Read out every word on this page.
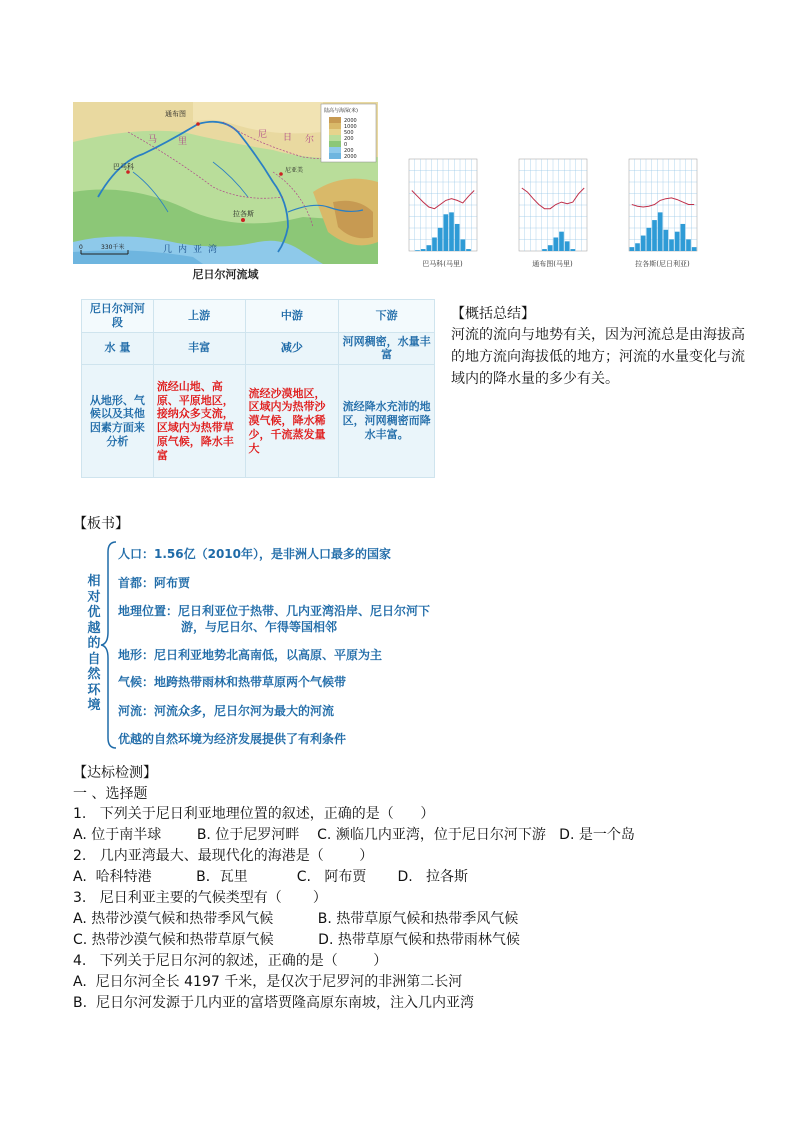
通布图
巴马科
马 里
尼 日 尔
尼亚美
拉各斯
几内亚湾
0	330千米
陆高与海深(米)
2000
1000
500
200
0
200
2000
尼日尔河流域
巴马科(马里)	通布图(马里)	拉各斯(尼日利亚)
尼日尔河河段	上游	中游	下游
水 量	丰富	减少	河网稠密，水量丰富
从地形、气候以及其他因素方面来分析	流经山地、高原、平原地区，接纳众多支流，区域内为热带草原气候，降水丰富	流经沙漠地区，区域内为热带沙漠气候，降水稀少，千流蒸发量大	流经降水充沛的地区，河网稠密而降水丰富。
【概括总结】
河流的流向与地势有关，因为河流总是由海拔高的地方流向海拔低的地方；河流的水量变化与流域内的降水量的多少有关。
【板书】
相对优越的自然环境
人口：1.56亿（2010年），是非洲人口最多的国家
首都：阿布贾
地理位置：尼日利亚位于热带、几内亚湾沿岸、尼日尔河下
游，与尼日尔、乍得等国相邻
地形：尼日利亚地势北高南低，以高原、平原为主
气候：地跨热带雨林和热带草原两个气候带
河流：河流众多，尼日尔河为最大的河流
优越的自然环境为经济发展提供了有利条件
【达标检测】
一 、选择题
1.   下列关于尼日利亚地理位置的叙述，正确的是（      ）
A. 位于南半球        B. 位于尼罗河畔    C. 濒临几内亚湾，位于尼日尔河下游   D. 是一个岛
2.   几内亚湾最大、最现代化的海港是（        ）
A.  哈科特港          B．瓦里           C.   阿布贾       D.   拉各斯
3.   尼日利亚主要的气候类型有（       ）
A. 热带沙漠气候和热带季风气候          B. 热带草原气候和热带季风气候
C. 热带沙漠气候和热带草原气候          D. 热带草原气候和热带雨林气候
4.   下列关于尼日尔河的叙述，正确的是（        ）
A.  尼日尔河全长 4197 千米，是仅次于尼罗河的非洲第二长河
B.  尼日尔河发源于几内亚的富塔贾隆高原东南坡，注入几内亚湾
